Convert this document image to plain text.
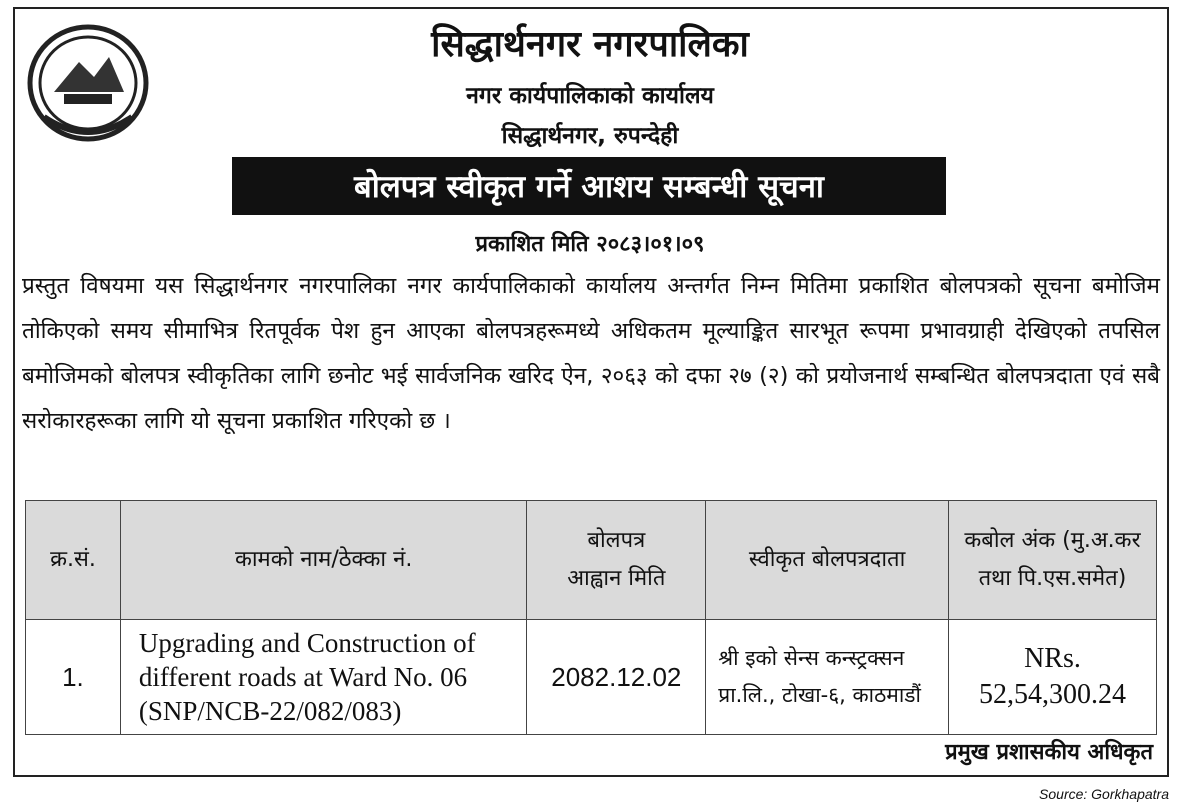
सिद्धार्थनगर नगरपालिका
नगर कार्यपालिकाको कार्यालय
सिद्धार्थनगर, रुपन्देही
बोलपत्र स्वीकृत गर्ने आशय सम्बन्धी सूचना
प्रकाशित मिति २०८३।०१।०९
प्रस्तुत विषयमा यस सिद्धार्थनगर नगरपालिका नगर कार्यपालिकाको कार्यालय अन्तर्गत निम्न मितिमा प्रकाशित बोलपत्रको सूचना बमोजिम तोकिएको समय सीमाभित्र रितपूर्वक पेश हुन आएका बोलपत्रहरूमध्ये अधिकतम मूल्याङ्कित सारभूत रूपमा प्रभावग्राही देखिएको तपसिल बमोजिमको बोलपत्र स्वीकृतिका लागि छनोट भई सार्वजनिक खरिद ऐन, २०६३ को दफा २७ (२) को प्रयोजनार्थ सम्बन्धित बोलपत्रदाता एवं सबै सरोकारहरूका लागि यो सूचना प्रकाशित गरिएको छ ।
क्र.सं.	कामको नाम/ठेक्का नं.	बोलपत्र आह्वान मिति	स्वीकृत बोलपत्रदाता	कबोल अंक (मु.अ.कर तथा पि.एस.समेत)
1.	Upgrading and Construction of different roads at Ward No. 06 (SNP/NCB-22/082/083)	2082.12.02	श्री इको सेन्स कन्स्ट्रक्सन प्रा.लि., टोखा-६, काठमाडौं	NRs. 52,54,300.24
प्रमुख प्रशासकीय अधिकृत
Source: Gorkhapatra
